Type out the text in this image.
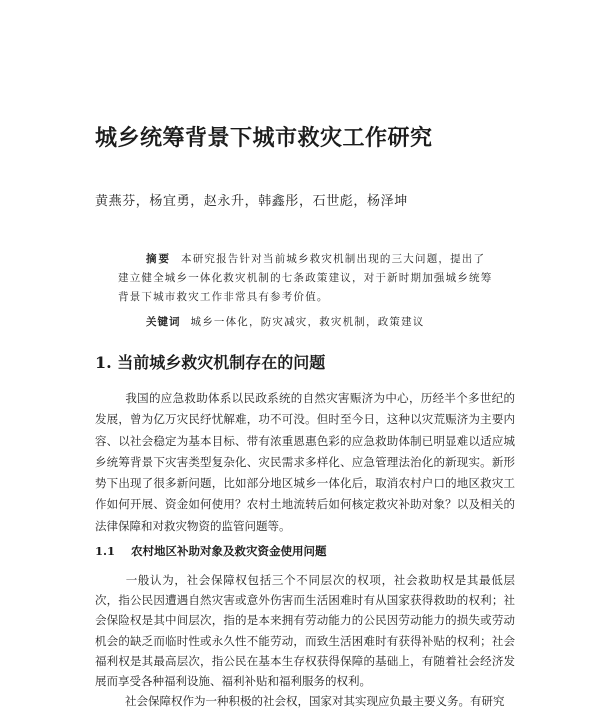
城乡统筹背景下城市救灾工作研究
黄燕芬，杨宜勇，赵永升，韩鑫彤，石世彪，杨泽坤
摘要 本研究报告针对当前城乡救灾机制出现的三大问题，提出了建立健全城乡一体化救灾机制的七条政策建议，对于新时期加强城乡统筹背景下城市救灾工作非常具有参考价值。
关键词 城乡一体化，防灾减灾，救灾机制，政策建议
1. 当前城乡救灾机制存在的问题
我国的应急救助体系以民政系统的自然灾害赈济为中心，历经半个多世纪的发展，曾为亿万灾民纾忧解难，功不可没。但时至今日，这种以灾荒赈济为主要内容、以社会稳定为基本目标、带有浓重恩惠色彩的应急救助体制已明显难以适应城乡统筹背景下灾害类型复杂化、灾民需求多样化、应急管理法治化的新现实。新形势下出现了很多新问题，比如部分地区城乡一体化后，取消农村户口的地区救灾工作如何开展、资金如何使用？农村土地流转后如何核定救灾补助对象？以及相关的法律保障和对救灾物资的监管问题等。
1.1 农村地区补助对象及救灾资金使用问题
一般认为，社会保障权包括三个不同层次的权项，社会救助权是其最低层次，指公民因遭遇自然灾害或意外伤害而生活困难时有从国家获得救助的权利；社会保险权是其中间层次，指的是本来拥有劳动能力的公民因劳动能力的损失或劳动机会的缺乏而临时性或永久性不能劳动，而致生活困难时有获得补贴的权利；社会福利权是其最高层次，指公民在基本生存权获得保障的基础上，有随着社会经济发展而享受各种福利设施、福利补贴和福利服务的权利。
社会保障权作为一种积极的社会权，国家对其实现应负最主要义务。有研究
